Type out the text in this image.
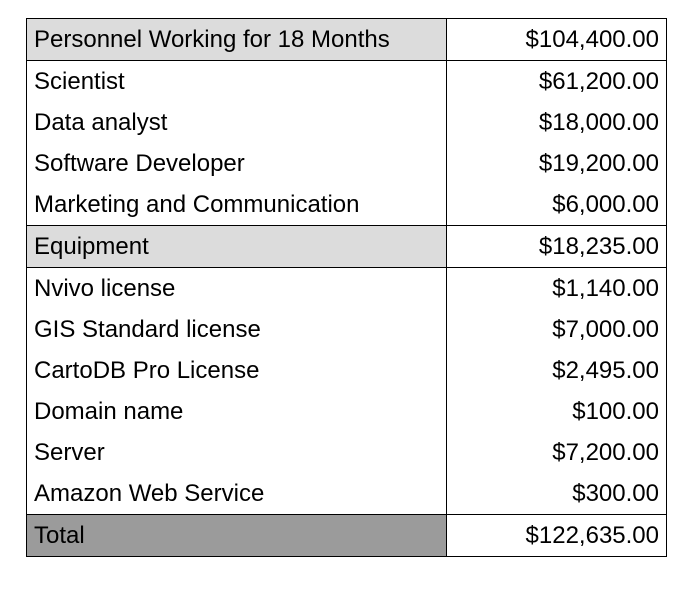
Personnel Working for 18 Months	$104,400.00
Scientist	$61,200.00
Data analyst	$18,000.00
Software Developer	$19,200.00
Marketing and Communication	$6,000.00
Equipment	$18,235.00
Nvivo license	$1,140.00
GIS Standard license	$7,000.00
CartoDB Pro License	$2,495.00
Domain name	$100.00
Server	$7,200.00
Amazon Web Service	$300.00
Total	$122,635.00
